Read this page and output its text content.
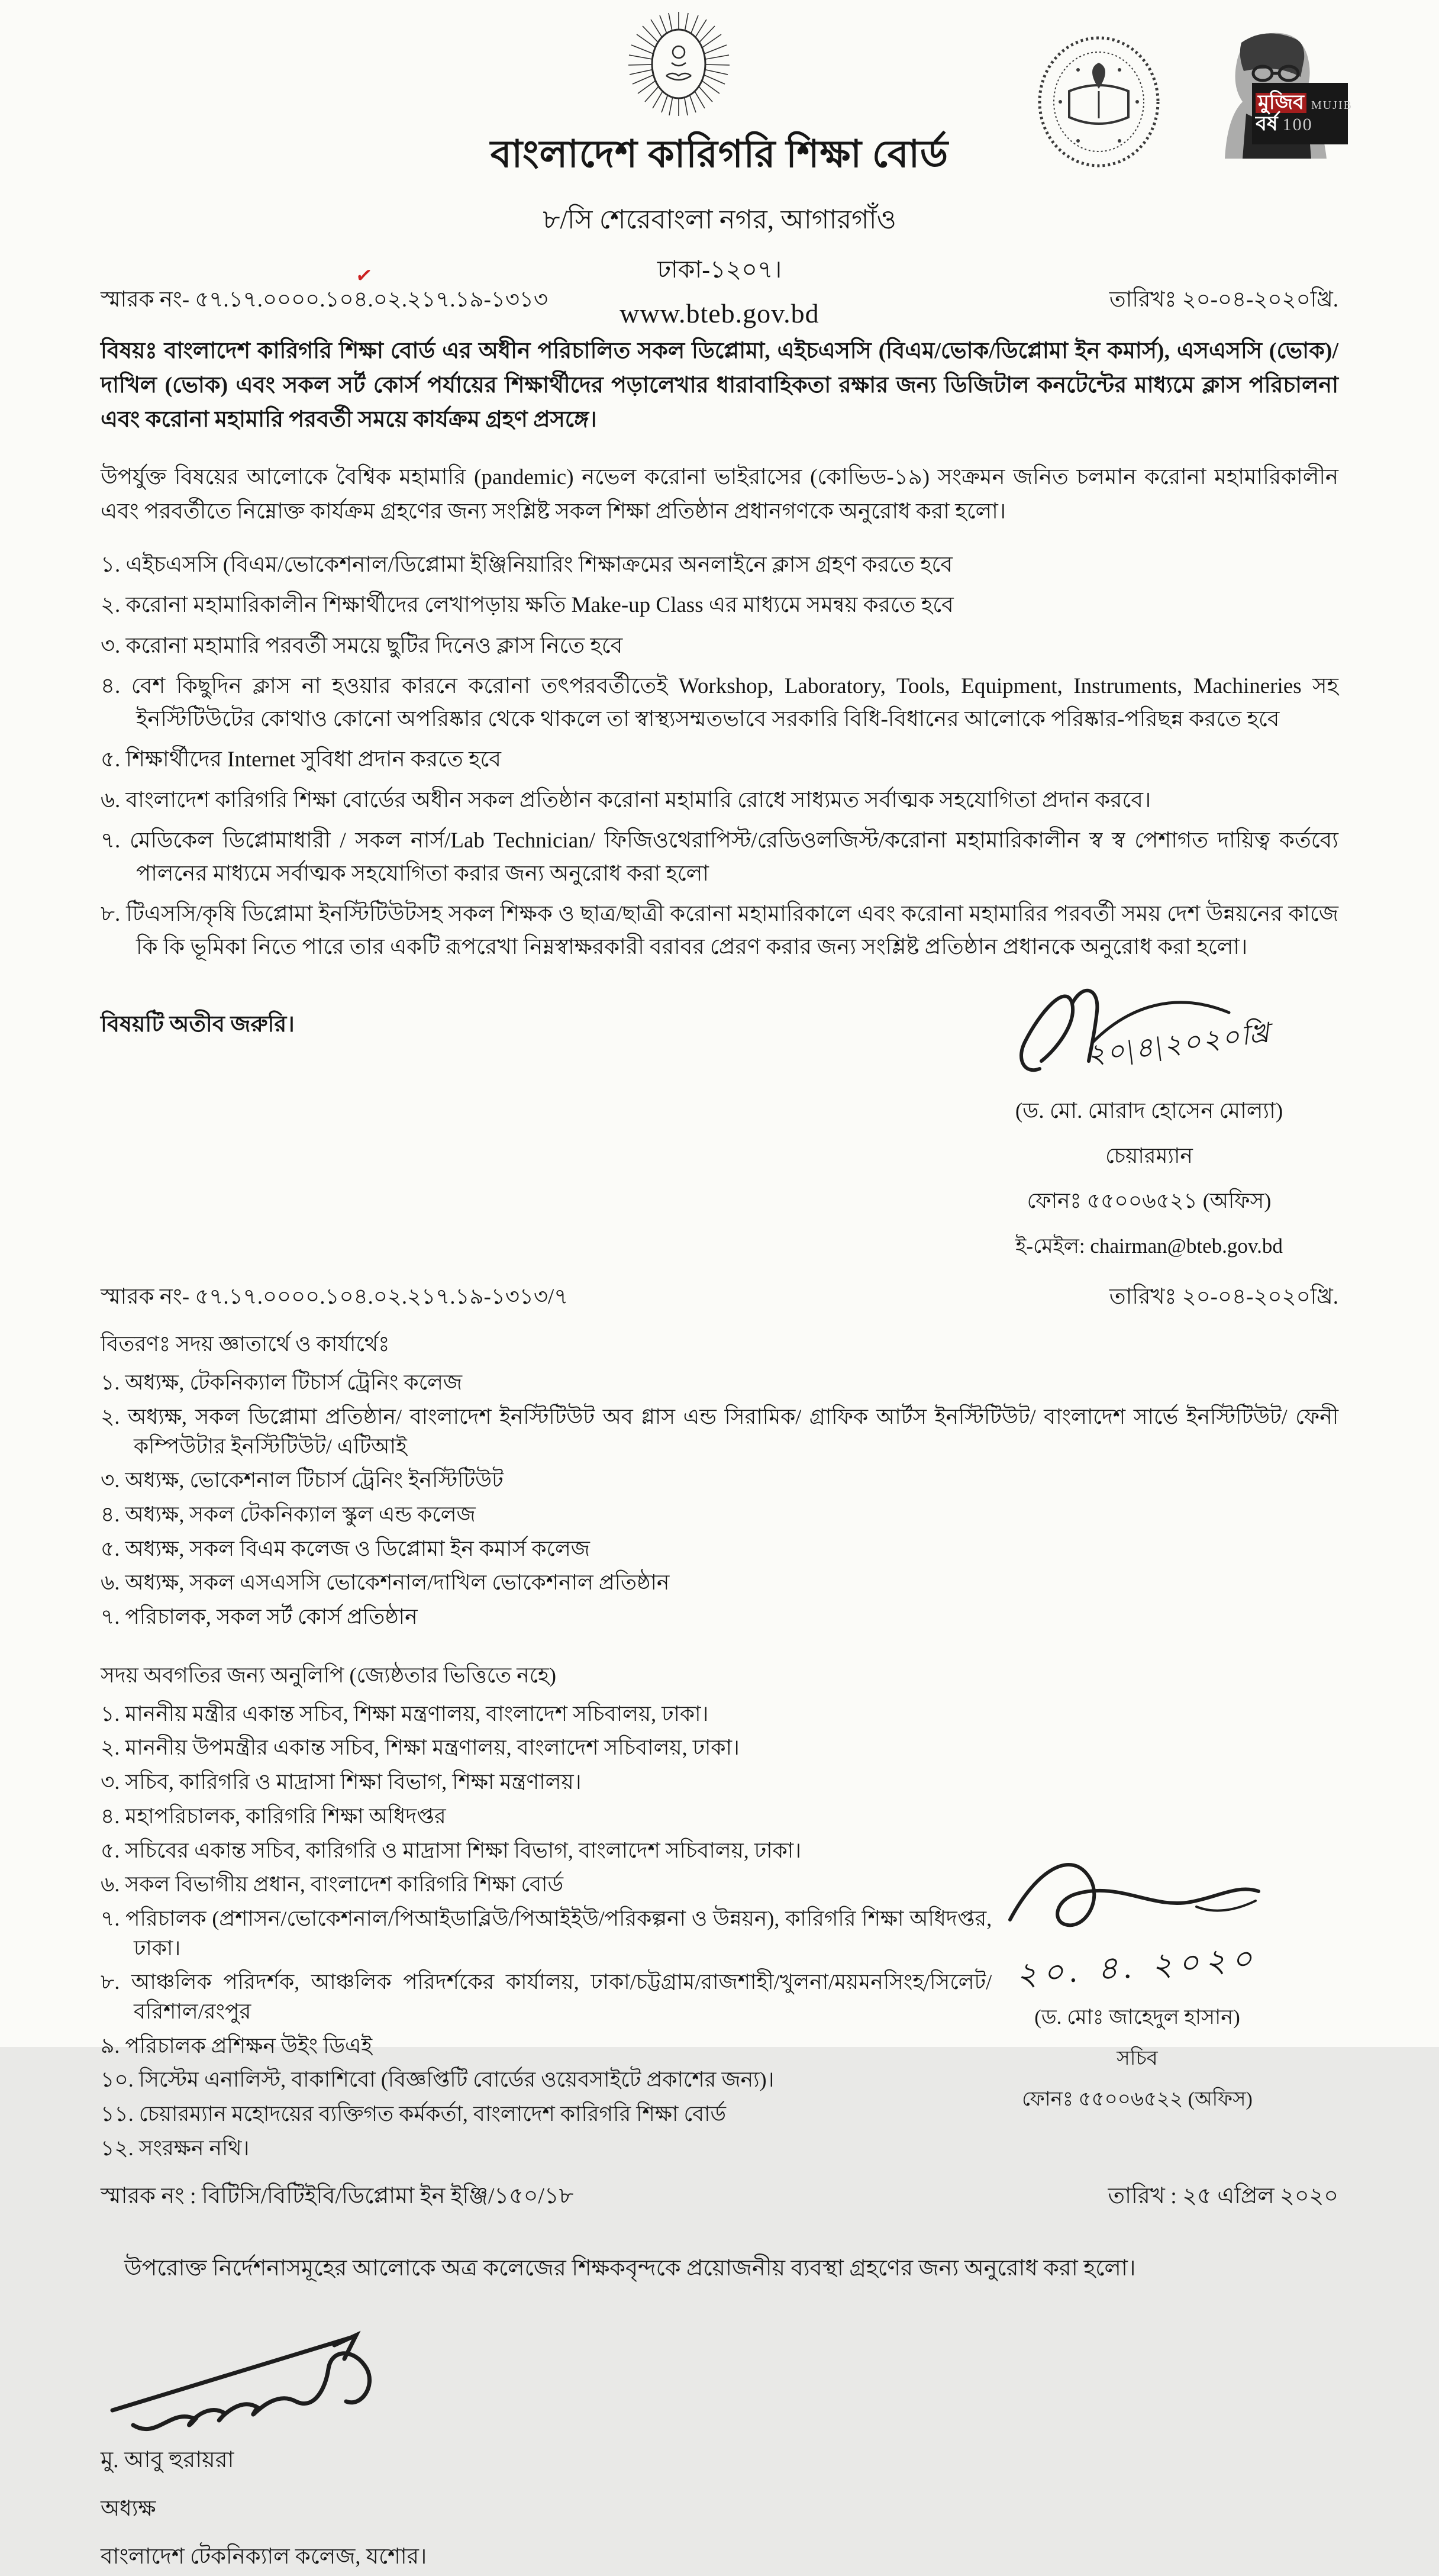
মুজিব MUJIB
বর্ষ 100
বাংলাদেশ কারিগরি শিক্ষা বোর্ড
৮/সি শেরেবাংলা নগর, আগারগাঁও
ঢাকা-১২০৭।
www.bteb.gov.bd
স্মারক নং- ৫৭.১৭.০০০০.১০৪.০২.২১৭.১৯-১৩১৩
✓
তারিখঃ ২০-০৪-২০২০খ্রি.
বিষয়ঃ বাংলাদেশ কারিগরি শিক্ষা বোর্ড এর অধীন পরিচালিত সকল ডিপ্লোমা, এইচএসসি (বিএম/ভোক/ডিপ্লোমা ইন কমার্স), এসএসসি (ভোক)/দাখিল (ভোক) এবং সকল সর্ট কোর্স পর্যায়ের শিক্ষার্থীদের পড়ালেখার ধারাবাহিকতা রক্ষার জন্য ডিজিটাল কনটেন্টের মাধ্যমে ক্লাস পরিচালনা এবং করোনা মহামারি পরবর্তী সময়ে কার্যক্রম গ্রহণ প্রসঙ্গে।
উপর্যুক্ত বিষয়ের আলোকে বৈশ্বিক মহামারি (pandemic) নভেল করোনা ভাইরাসের (কোভিড-১৯) সংক্রমন জনিত চলমান করোনা মহামারিকালীন এবং পরবর্তীতে নিম্নোক্ত কার্যক্রম গ্রহণের জন্য সংশ্লিষ্ট সকল শিক্ষা প্রতিষ্ঠান প্রধানগণকে অনুরোধ করা হলো।
১. এইচএসসি (বিএম/ভোকেশনাল/ডিপ্লোমা ইঞ্জিনিয়ারিং শিক্ষাক্রমের অনলাইনে ক্লাস গ্রহণ করতে হবে
২. করোনা মহামারিকালীন শিক্ষার্থীদের লেখাপড়ায় ক্ষতি Make-up Class এর মাধ্যমে সমন্বয় করতে হবে
৩. করোনা মহামারি পরবর্তী সময়ে ছুটির দিনেও ক্লাস নিতে হবে
৪. বেশ কিছুদিন ক্লাস না হওয়ার কারনে করোনা তৎপরবর্তীতেই Workshop, Laboratory, Tools, Equipment, Instruments, Machineries সহ ইনস্টিটিউটের কোথাও কোনো অপরিষ্কার থেকে থাকলে তা স্বাস্থ্যসম্মতভাবে সরকারি বিধি-বিধানের আলোকে পরিষ্কার-পরিছন্ন করতে হবে
৫. শিক্ষার্থীদের Internet সুবিধা প্রদান করতে হবে
৬. বাংলাদেশ কারিগরি শিক্ষা বোর্ডের অধীন সকল প্রতিষ্ঠান করোনা মহামারি রোধে সাধ্যমত সর্বাত্মক সহযোগিতা প্রদান করবে।
৭. মেডিকেল ডিপ্লোমাধারী / সকল নার্স/Lab Technician/ ফিজিওথেরাপিস্ট/রেডিওলজিস্ট/করোনা মহামারিকালীন স্ব স্ব পেশাগত দায়িত্ব কর্তব্যে পালনের মাধ্যমে সর্বাত্মক সহযোগিতা করার জন্য অনুরোধ করা হলো
৮. টিএসসি/কৃষি ডিপ্লোমা ইনস্টিটিউটসহ সকল শিক্ষক ও ছাত্র/ছাত্রী করোনা মহামারিকালে এবং করোনা মহামারির পরবর্তী সময় দেশ উন্নয়নের কাজে কি কি ভূমিকা নিতে পারে তার একটি রূপরেখা নিম্নস্বাক্ষরকারী বরাবর প্রেরণ করার জন্য সংশ্লিষ্ট প্রতিষ্ঠান প্রধানকে অনুরোধ করা হলো।
বিষয়টি অতীব জরুরি।	২০|৪|২০২০খ্রি
(ড. মো. মোরাদ হোসেন মোল্যা)
চেয়ারম্যান
ফোনঃ ৫৫০০৬৫২১ (অফিস)
ই-মেইল: chairman@bteb.gov.bd
স্মারক নং- ৫৭.১৭.০০০০.১০৪.০২.২১৭.১৯-১৩১৩/৭	তারিখঃ ২০-০৪-২০২০খ্রি.
বিতরণঃ সদয় জ্ঞাতার্থে ও কার্যার্থেঃ
১. অধ্যক্ষ, টেকনিক্যাল টিচার্স ট্রেনিং কলেজ
২. অধ্যক্ষ, সকল ডিপ্লোমা প্রতিষ্ঠান/ বাংলাদেশ ইনস্টিটিউট অব গ্লাস এন্ড সিরামিক/ গ্রাফিক আর্টস ইনস্টিটিউট/ বাংলাদেশ সার্ভে ইনস্টিটিউট/ ফেনী কম্পিউটার ইনস্টিটিউট/ এটিআই
৩. অধ্যক্ষ, ভোকেশনাল টিচার্স ট্রেনিং ইনস্টিটিউট
৪. অধ্যক্ষ, সকল টেকনিক্যাল স্কুল এন্ড কলেজ
৫. অধ্যক্ষ, সকল বিএম কলেজ ও ডিপ্লোমা ইন কমার্স কলেজ
৬. অধ্যক্ষ, সকল এসএসসি ভোকেশনাল/দাখিল ভোকেশনাল প্রতিষ্ঠান
৭. পরিচালক, সকল সর্ট কোর্স প্রতিষ্ঠান
সদয় অবগতির জন্য অনুলিপি (জ্যেষ্ঠতার ভিত্তিতে নহে)
১. মাননীয় মন্ত্রীর একান্ত সচিব, শিক্ষা মন্ত্রণালয়, বাংলাদেশ সচিবালয়, ঢাকা।
২. মাননীয় উপমন্ত্রীর একান্ত সচিব, শিক্ষা মন্ত্রণালয়, বাংলাদেশ সচিবালয়, ঢাকা।
৩. সচিব, কারিগরি ও মাদ্রাসা শিক্ষা বিভাগ, শিক্ষা মন্ত্রণালয়।
৪. মহাপরিচালক, কারিগরি শিক্ষা অধিদপ্তর
৫. সচিবের একান্ত সচিব, কারিগরি ও মাদ্রাসা শিক্ষা বিভাগ, বাংলাদেশ সচিবালয়, ঢাকা।
৬. সকল বিভাগীয় প্রধান, বাংলাদেশ কারিগরি শিক্ষা বোর্ড
৭. পরিচালক (প্রশাসন/ভোকেশনাল/পিআইডাব্লিউ/পিআইইউ/পরিকল্পনা ও উন্নয়ন), কারিগরি শিক্ষা অধিদপ্তর, ঢাকা।
৮. আঞ্চলিক পরিদর্শক, আঞ্চলিক পরিদর্শকের কার্যালয়, ঢাকা/চট্টগ্রাম/রাজশাহী/খুলনা/ময়মনসিংহ/সিলেট/বরিশাল/রংপুর
৯. পরিচালক প্রশিক্ষন উইং ডিএই
১০. সিস্টেম এনালিস্ট, বাকাশিবো (বিজ্ঞপ্তিটি বোর্ডের ওয়েবসাইটে প্রকাশের জন্য)।
১১. চেয়ারম্যান মহোদয়ের ব্যক্তিগত কর্মকর্তা, বাংলাদেশ কারিগরি শিক্ষা বোর্ড
১২. সংরক্ষন নথি।
২০. ৪. ২০২০
(ড. মোঃ জাহেদুল হাসান)
সচিব
ফোনঃ ৫৫০০৬৫২২ (অফিস)
স্মারক নং : বিটিসি/বিটিইবি/ডিপ্লোমা ইন ইঞ্জি/১৫০/১৮	তারিখ : ২৫ এপ্রিল ২০২০
উপরোক্ত নির্দেশনাসমূহের আলোকে অত্র কলেজের শিক্ষকবৃন্দকে প্রয়োজনীয় ব্যবস্থা গ্রহণের জন্য অনুরোধ করা হলো।
মু. আবু হুরায়রা
অধ্যক্ষ
বাংলাদেশ টেকনিক্যাল কলেজ, যশোর।
